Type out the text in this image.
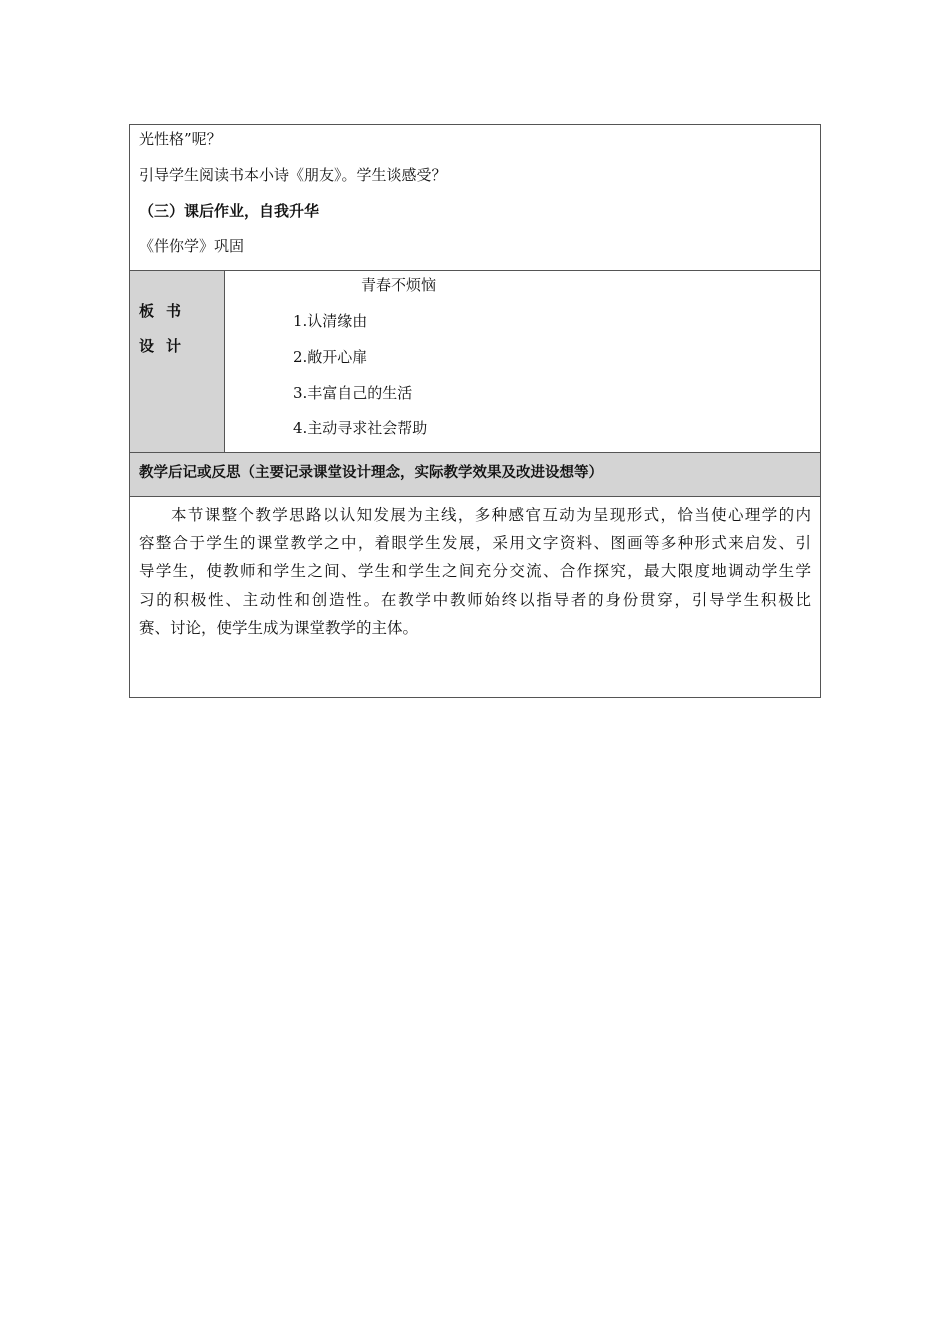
光性格”呢？
引导学生阅读书本小诗《朋友》。学生谈感受？
（三）课后作业，自我升华
《伴你学》巩固
板书
设计
青春不烦恼
1.认清缘由
2.敞开心扉
3.丰富自己的生活
4.主动寻求社会帮助
教学后记或反思（主要记录课堂设计理念，实际教学效果及改进设想等）
本节课整个教学思路以认知发展为主线，多种感官互动为呈现形式，恰当使心理学的内
容整合于学生的课堂教学之中，着眼学生发展，采用文字资料、图画等多种形式来启发、引
导学生，使教师和学生之间、学生和学生之间充分交流、合作探究，最大限度地调动学生学
习的积极性、主动性和创造性。在教学中教师始终以指导者的身份贯穿，引导学生积极比
赛、讨论，使学生成为课堂教学的主体。
